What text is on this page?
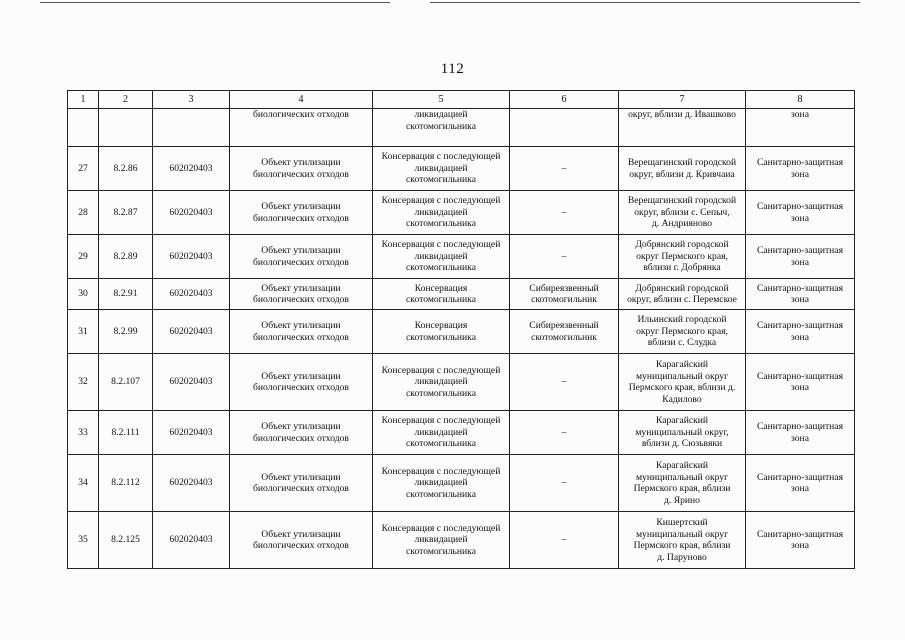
112
1	2	3	4	5	6	7	8

			биологических отходов	ликвидацией
скотомогильника		округ, вблизи д. Ивашково	зона

27	8.2.86	602020403	Объект утилизации
биологических отходов	Консервация с последующей
ликвидацией
скотомогильника	–	Верещагинский городской
округ, вблизи д. Кривчаиа	Санитарно-защитная
зона

28	8.2.87	602020403	Объект утилизации
биологических отходов	Консервация с последующей
ликвидацией
скотомогильника	–	Верещагинский городской
округ, вблизи с. Сепыч,
д. Андрияново	Санитарно-защитная
зона

29	8.2.89	602020403	Объект утилизации
биологических отходов	Консервация с последующей
ликвидацией
скотомогильника	–	Добрянский городской
округ Пермского края,
вблизи г. Добрянка	Санитарно-защитная
зона

30	8.2.91	602020403	Объект утилизации
биологических отходов	Консервация
скотомогильника	Сибиреязвенный
скотомогильник	Добрянский городской
округ, вблизи с. Перемское	Санитарно-защитная
зона

31	8.2.99	602020403	Объект утилизации
биологических отходов	Консервация
скотомогильника	Сибиреязвенный
скотомогильник	Ильинский городской
округ Пермского края,
вблизи с. Слудка	Санитарно-защитная
зона

32	8.2.107	602020403	Объект утилизации
биологических отходов	Консервация с последующей
ликвидацией
скотомогильника	–	Карагайский
муниципальный округ
Пермского края, вблизи д.
Кадилово	Санитарно-защитная
зона

33	8.2.111	602020403	Объект утилизации
биологических отходов	Консервация с последующей
ликвидацией
скотомогильника	–	Карагайский
муниципальный округ,
вблизи д. Сюзьвяки	Санитарно-защитная
зона

34	8.2.112	602020403	Объект утилизации
биологических отходов	Консервация с последующей
ликвидацией
скотомогильника	–	Карагайский
муниципальный округ
Пермского края, вблизи
д. Ярино	Санитарно-защитная
зона

35	8.2.125	602020403	Объект утилизации
биологических отходов	Консервация с последующей
ликвидацией
скотомогильника	–	Кишертский
муниципальный округ
Пермского края, вблизи
д. Паруново	Санитарно-защитная
зона
